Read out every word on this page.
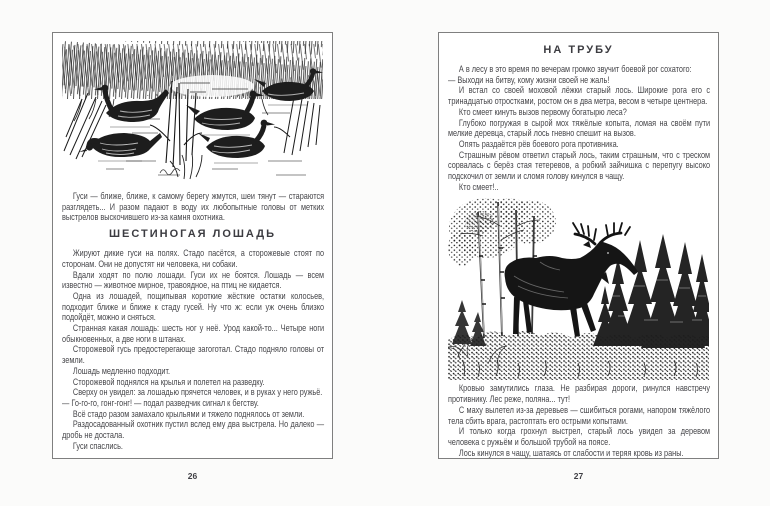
Гуси — ближе, ближе, к самому берегу жмутся, шеи тянут — стараются разглядеть... И разом падают в воду их любопытные головы от метких выстрелов выскочившего из-за камня охотника.

ШЕСТИНОГАЯ ЛОШАДЬ

Жируют дикие гуси на полях. Стадо пасётся, а сторожевые стоят по сторонам. Они не допустят ни человека, ни собаки.

Вдали ходят по полю лошади. Гуси их не боятся. Лошадь — всем известно — животное мирное, травоядное, на птиц не кидается.

Одна из лошадей, пощипывая короткие жёсткие остатки колосьев, подходит ближе и ближе к стаду гусей. Ну что ж: если уж очень близко подойдёт, можно и сняться.

Странная какая лошадь: шесть ног у неё. Урод какой-то... Четыре ноги обыкновенных, а две ноги в штанах.

Сторожевой гусь предостерегающе загоготал. Стадо подняло головы от земли.

Лошадь медленно подходит.

Сторожевой поднялся на крылья и полетел на разведку.

Сверху он увидел: за лошадью прячется человек, и в руках у него ружьё.

— Го-го-го, гонг-гонг! — подал разведчик сигнал к бегству.

Всё стадо разом замахало крыльями и тяжело поднялось от земли.

Раздосадованный охотник пустил вслед ему два выстрела. Но далеко — дробь не достала.

Гуси спаслись.

НА ТРУБУ

А в лесу в это время по вечерам громко звучит боевой рог сохатого:

— Выходи на битву, кому жизни своей не жаль!

И встал со своей моховой лёжки старый лось. Широкие рога его с тринадцатью отростками, ростом он в два метра, весом в четыре центнера.

Кто смеет кинуть вызов первому богатырю леса?

Глубоко погружая в сырой мох тяжёлые копыта, ломая на своём пути мелкие деревца, старый лось гневно спешит на вызов.

Опять раздаётся рёв боевого рога противника.

Страшным рёвом ответил старый лось, таким страшным, что с треском сорвалась с берёз стая тетеревов, а робкий зайчишка с перепугу высоко подскочил от земли и сломя голову кинулся в чащу.

Кто смеет!..

Кровью замутились глаза. Не разбирая дороги, ринулся навстречу противнику. Лес реже, поляна... тут!

С маху вылетел из-за деревьев — сшибиться рогами, напором тяжёлого тела сбить врага, растоптать его острыми копытами.

И только когда грохнул выстрел, старый лось увидел за деревом человека с ружьём и большой трубой на поясе.

Лось кинулся в чащу, шатаясь от слабости и теряя кровь из раны.

26	27
